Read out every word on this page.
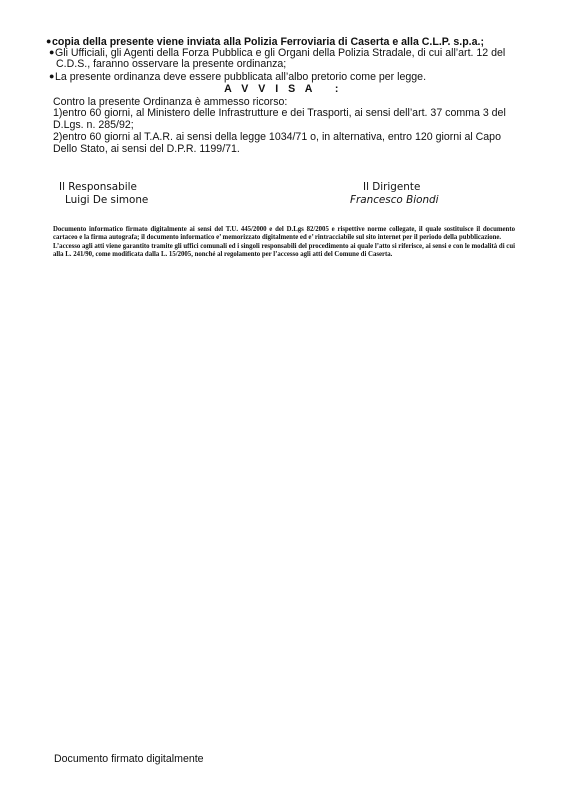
●copia della presente viene inviata alla Polizia Ferroviaria di Caserta e alla C.L.P. s.p.a.;
●Gli Ufficiali, gli Agenti della Forza Pubblica e gli Organi della Polizia Stradale, di cui all’art. 12 del
C.D.S., faranno osservare la presente ordinanza;
●La presente ordinanza deve essere pubblicata all’albo pretorio come per legge.
A V V I S A   :
Contro la presente Ordinanza è ammesso ricorso:
1)entro 60 giorni, al Ministero delle Infrastrutture e dei Trasporti, ai sensi dell’art. 37 comma 3 del
D.Lgs. n. 285/92;
2)entro 60 giorni al T.A.R. ai sensi della legge 1034/71 o, in alternativa, entro 120 giorni al Capo
Dello Stato, ai sensi del D.P.R. 1199/71.
Il Responsabile
Luigi De simone
Il Dirigente
Francesco Biondi

Documento informatico firmato digitalmente ai sensi del T.U. 445/2000 e del D.Lgs 82/2005 e rispettive norme collegate, il quale sostituisce il documento cartaceo e la firma autografa; il documento informatico e’ memorizzato digitalmente ed e’ rintracciabile sul sito internet per il periodo della pubblicazione.

L’accesso agli atti viene garantito tramite gli uffici comunali ed i singoli responsabili del procedimento ai quale l’atto si riferisce, ai sensi e con le modalità di cui alla L. 241/90, come modificata dalla L. 15/2005, nonché al regolamento per l’accesso agli atti del Comune di Caserta.

Documento firmato digitalmente
